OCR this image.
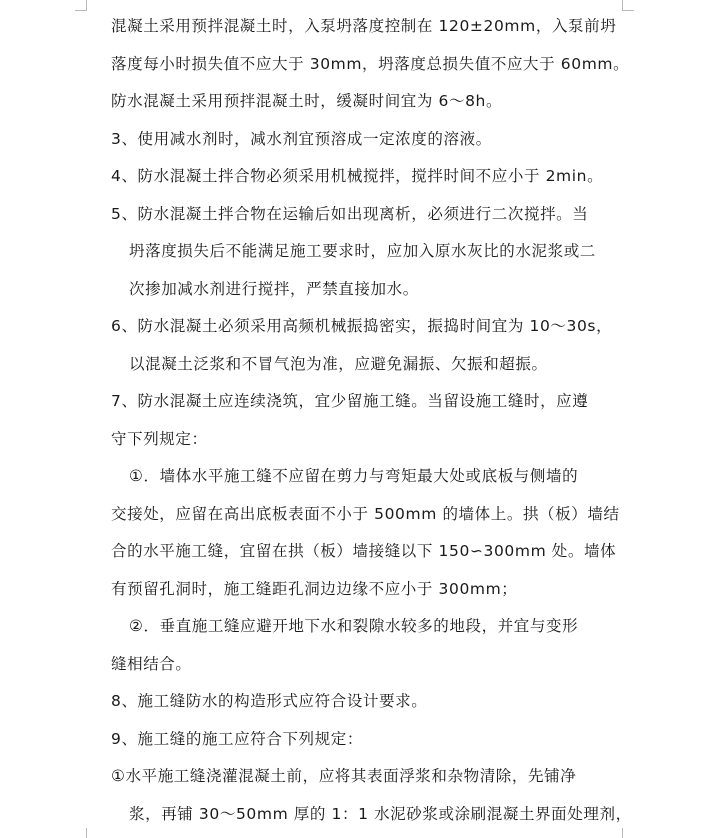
混凝土采用预拌混凝土时，入泵坍落度控制在 120±20mm，入泵前坍
落度每小时损失值不应大于 30mm，坍落度总损失值不应大于 60mm。
防水混凝土采用预拌混凝土时，缓凝时间宜为 6～8h。
3、使用减水剂时，减水剂宜预溶成一定浓度的溶液。
4、防水混凝土拌合物必须采用机械搅拌，搅拌时间不应小于 2min。
5、防水混凝土拌合物在运输后如出现离析，必须进行二次搅拌。当
坍落度损失后不能满足施工要求时，应加入原水灰比的水泥浆或二
次掺加减水剂进行搅拌，严禁直接加水。
6、防水混凝土必须采用高频机械振捣密实，振捣时间宜为 10～30s，
以混凝土泛浆和不冒气泡为准，应避免漏振、欠振和超振。
7、防水混凝土应连续浇筑，宜少留施工缝。当留设施工缝时，应遵
守下列规定：
①．墙体水平施工缝不应留在剪力与弯矩最大处或底板与侧墙的
交接处，应留在高出底板表面不小于 500mm 的墙体上。拱（板）墙结
合的水平施工缝，宜留在拱（板）墙接缝以下 150∽300mm 处。墙体
有预留孔洞时，施工缝距孔洞边边缘不应小于 300mm；
②．垂直施工缝应避开地下水和裂隙水较多的地段，并宜与变形
缝相结合。
8、施工缝防水的构造形式应符合设计要求。
9、施工缝的施工应符合下列规定：
①水平施工缝浇灌混凝土前，应将其表面浮浆和杂物清除，先铺净
浆，再铺 30～50mm 厚的 1：1 水泥砂浆或涂刷混凝土界面处理剂，
